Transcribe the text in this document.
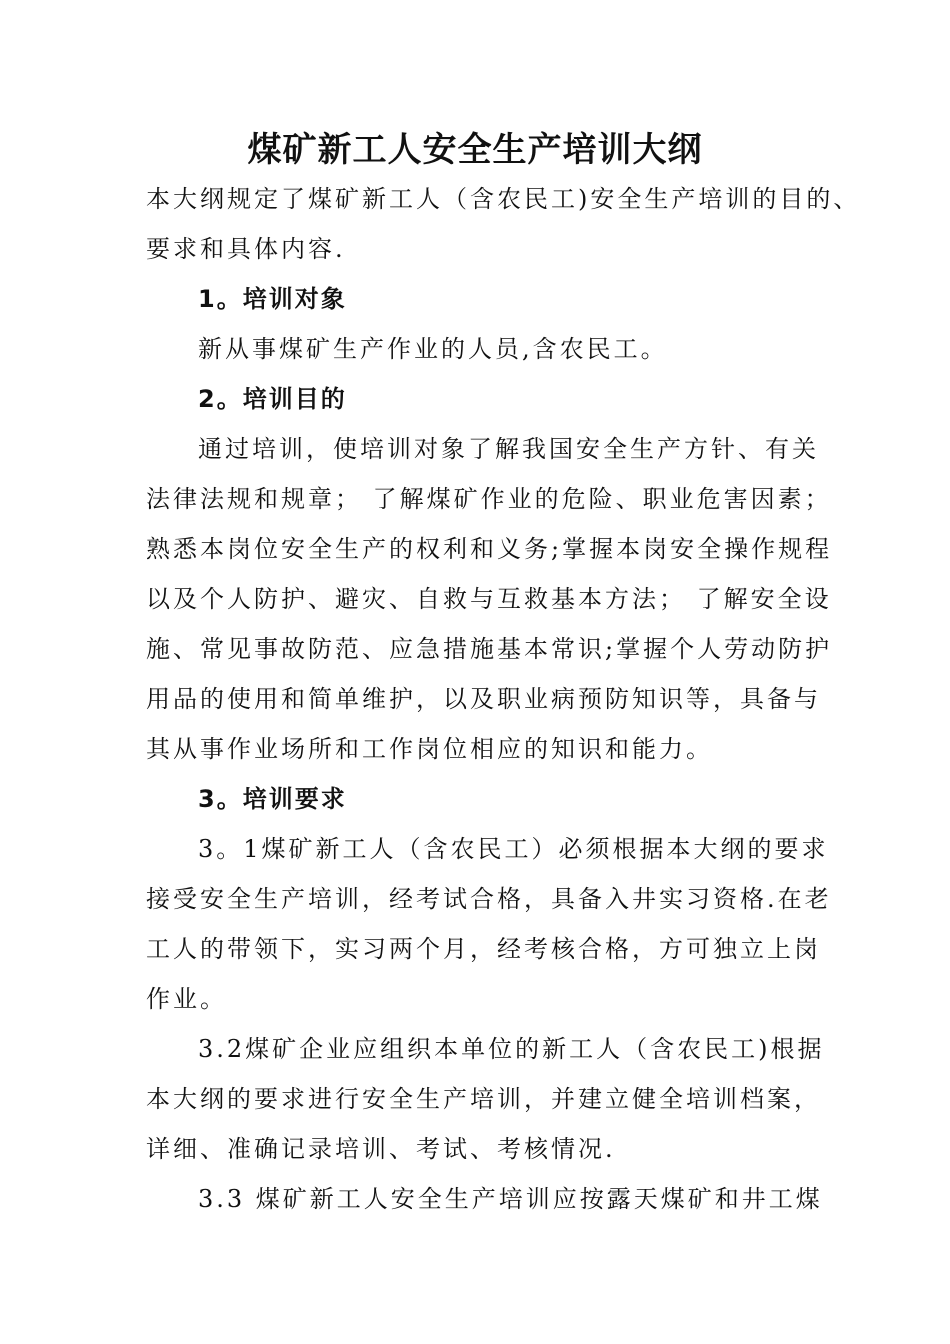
煤矿新工人安全生产培训大纲

本大纲规定了煤矿新工人（含农民工)安全生产培训的目的、

要求和具体内容.

1。培训对象

新从事煤矿生产作业的人员,含农民工。

2。培训目的

通过培训，使培训对象了解我国安全生产方针、有关

法律法规和规章； 了解煤矿作业的危险、职业危害因素；

熟悉本岗位安全生产的权利和义务;掌握本岗安全操作规程

以及个人防护、避灾、自救与互救基本方法； 了解安全设

施、常见事故防范、应急措施基本常识;掌握个人劳动防护

用品的使用和简单维护，以及职业病预防知识等，具备与

其从事作业场所和工作岗位相应的知识和能力。

3。培训要求

3。1煤矿新工人（含农民工）必须根据本大纲的要求

接受安全生产培训，经考试合格，具备入井实习资格.在老

工人的带领下，实习两个月，经考核合格，方可独立上岗

作业。

3.2煤矿企业应组织本单位的新工人（含农民工)根据

本大纲的要求进行安全生产培训，并建立健全培训档案，

详细、准确记录培训、考试、考核情况.

3.3 煤矿新工人安全生产培训应按露天煤矿和井工煤
